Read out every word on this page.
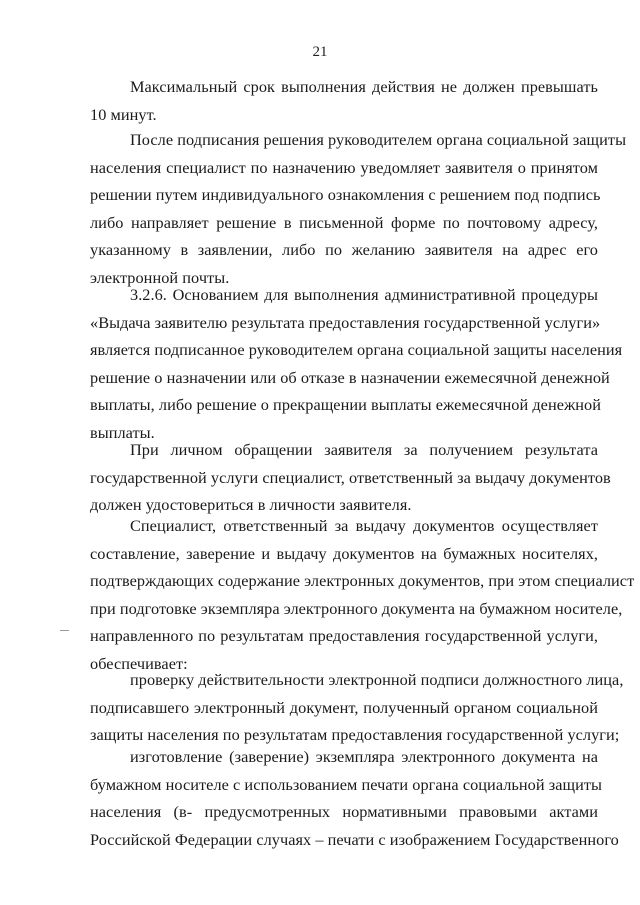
21
Максимальный срок выполнения действия не должен превышать
10 минут.
После подписания решения руководителем органа социальной защиты
населения специалист по назначению уведомляет заявителя о принятом
решении путем индивидуального ознакомления с решением под подпись
либо направляет решение в письменной форме по почтовому адресу,
указанному в заявлении, либо по желанию заявителя на адрес его
электронной почты.
3.2.6. Основанием для выполнения административной процедуры
«Выдача заявителю результата предоставления государственной услуги»
является подписанное руководителем органа социальной защиты населения
решение о назначении или об отказе в назначении ежемесячной денежной
выплаты, либо решение о прекращении выплаты ежемесячной денежной
выплаты.
При личном обращении заявителя за получением результата
государственной услуги специалист, ответственный за выдачу документов
должен удостовериться в личности заявителя.
Специалист, ответственный за выдачу документов осуществляет
составление, заверение и выдачу документов на бумажных носителях,
подтверждающих содержание электронных документов, при этом специалист
при подготовке экземпляра электронного документа на бумажном носителе,
направленного по результатам предоставления государственной услуги,
обеспечивает:
проверку действительности электронной подписи должностного лица,
подписавшего электронный документ, полученный органом социальной
защиты населения по результатам предоставления государственной услуги;
изготовление (заверение) экземпляра электронного документа на
бумажном носителе с использованием печати органа социальной защиты
населения (в- предусмотренных нормативными правовыми актами
Российской Федерации случаях – печати с изображением Государственного
